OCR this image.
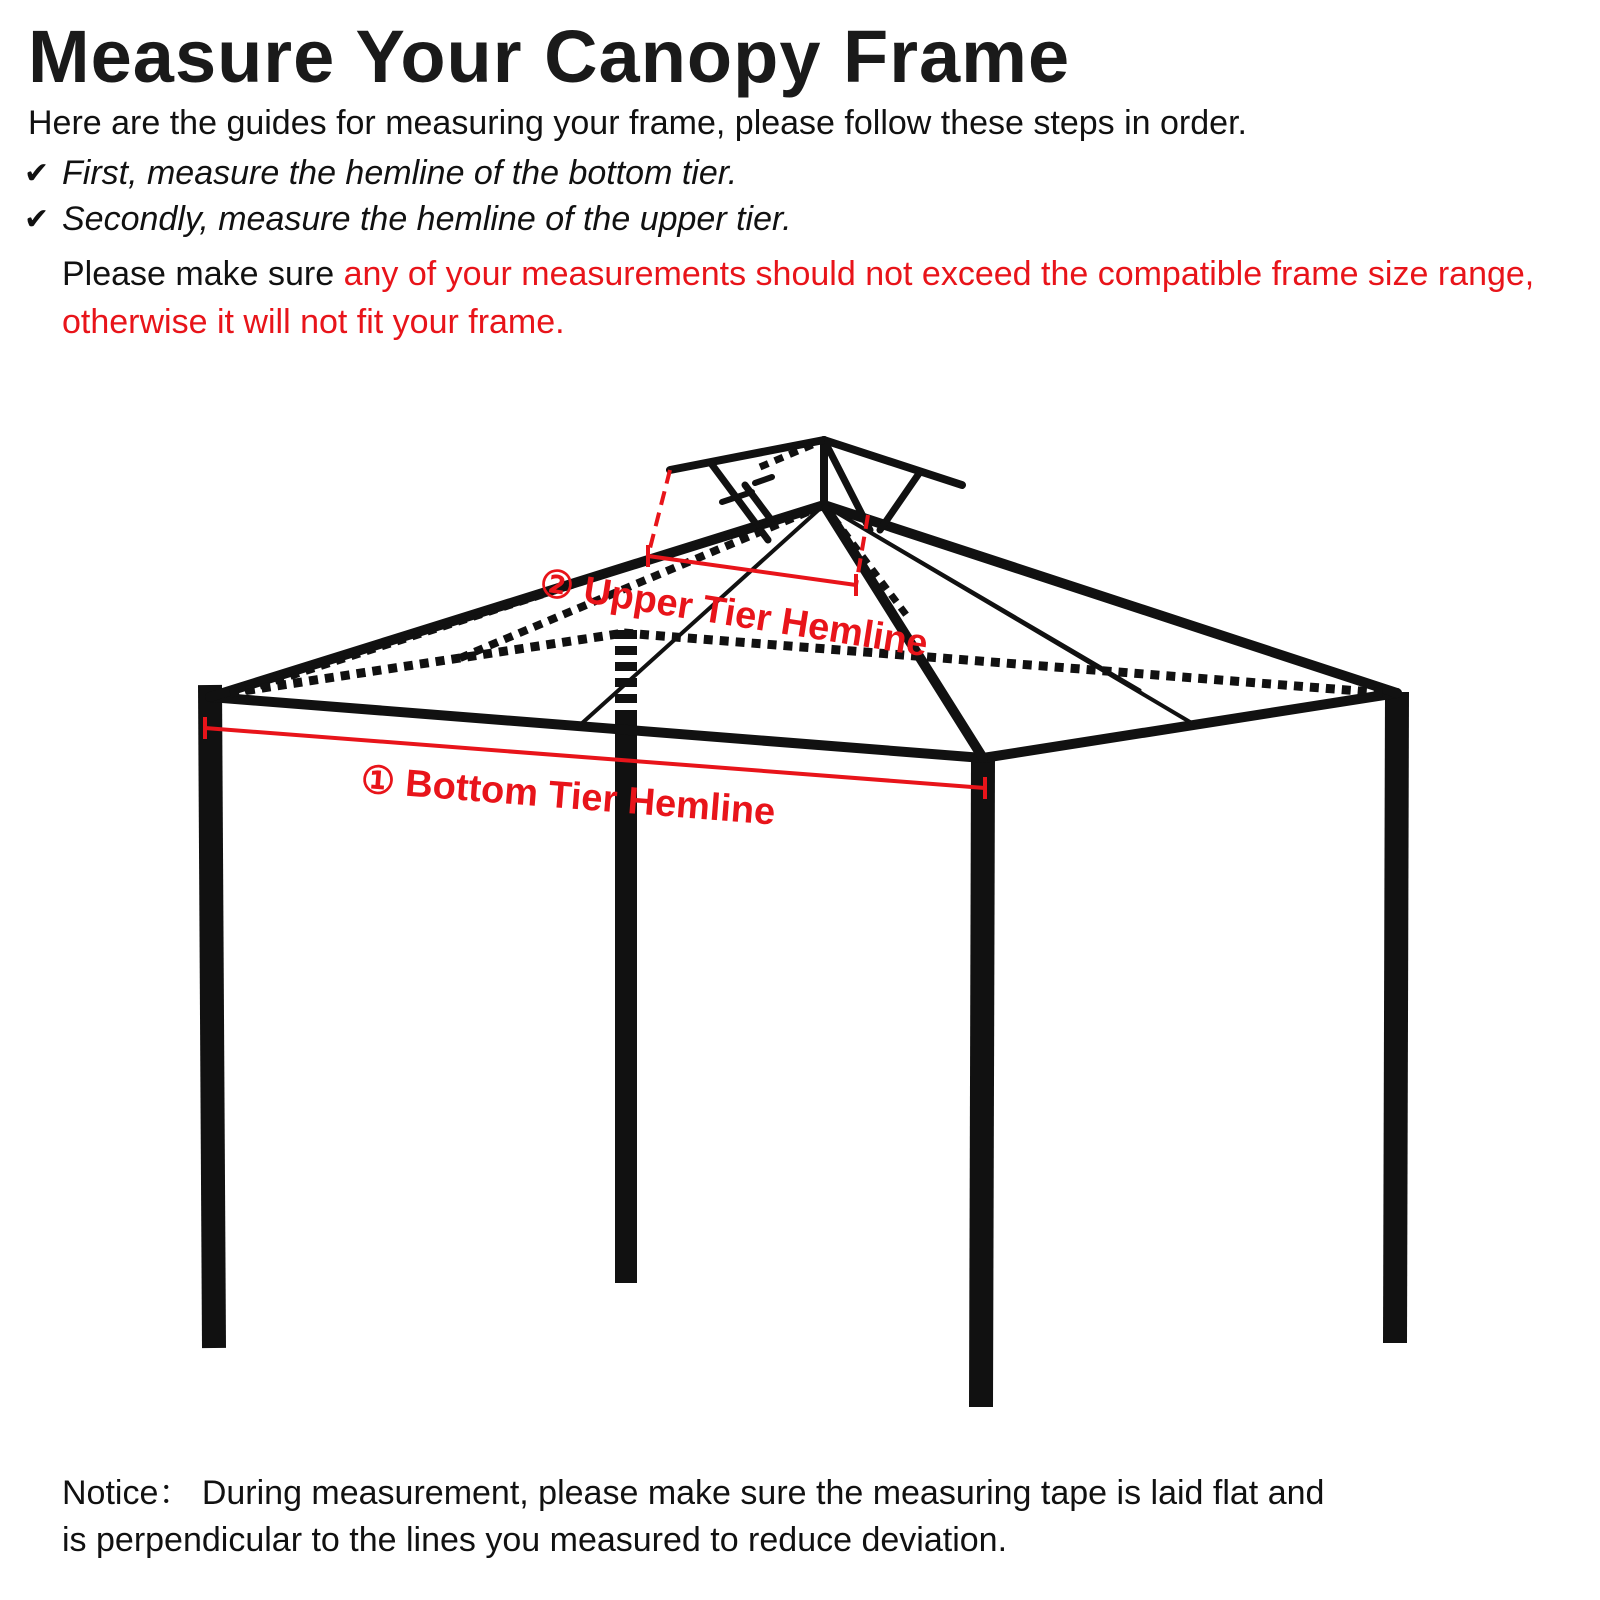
Measure Your Canopy Frame
Here are the guides for measuring your frame, please follow these steps in order.
✔ First, measure the hemline of the bottom tier.
✔ Secondly, measure the hemline of the upper tier.
Please make sure any of your measurements should not exceed the compatible frame size range, otherwise it will not fit your frame.
② Upper Tier Hemline
① Bottom Tier Hemline
Notice： During measurement, please make sure the measuring tape is laid flat and
is perpendicular to the lines you measured to reduce deviation.
